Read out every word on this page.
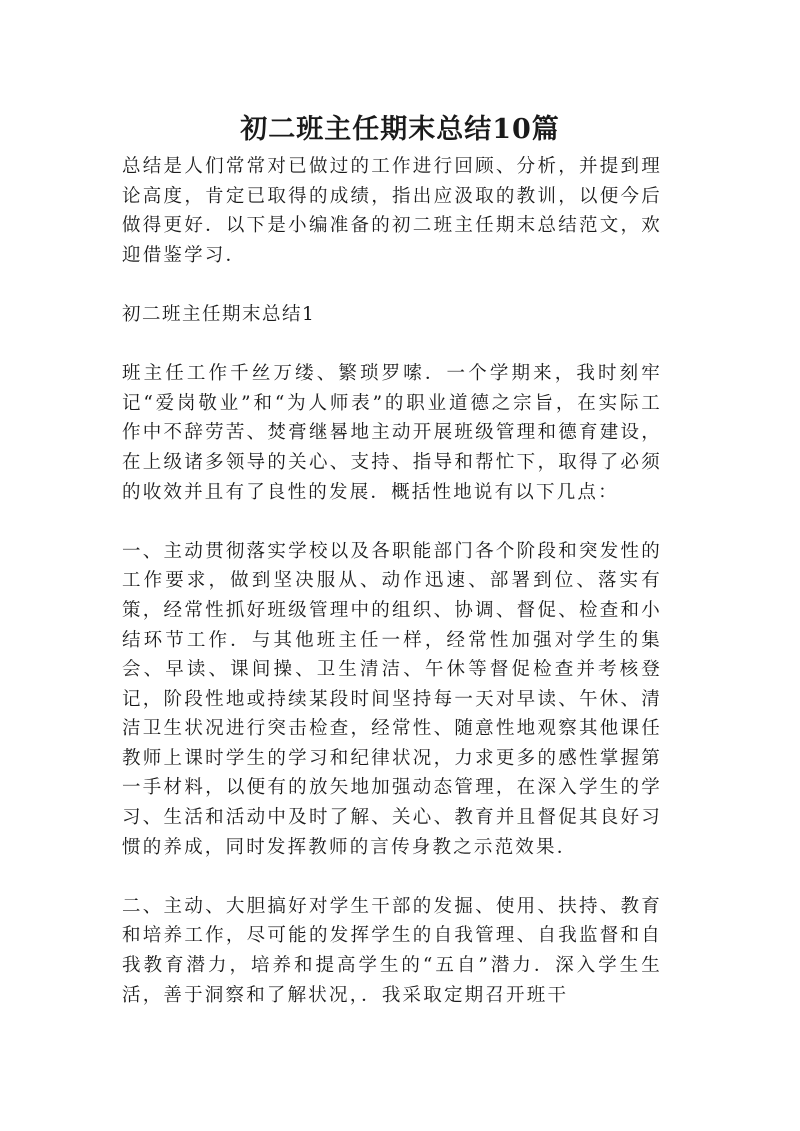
初二班主任期末总结10篇

总结是人们常常对已做过的工作进行回顾、分析，并提到理论高度，肯定已取得的成绩，指出应汲取的教训，以便今后做得更好．以下是小编准备的初二班主任期末总结范文，欢迎借鉴学习．

初二班主任期末总结1

班主任工作千丝万缕、繁琐罗嗦．一个学期来，我时刻牢记“爱岗敬业”和“为人师表”的职业道德之宗旨，在实际工作中不辞劳苦、焚膏继晷地主动开展班级管理和德育建设，在上级诸多领导的关心、支持、指导和帮忙下，取得了必须的收效并且有了良性的发展．概括性地说有以下几点：

一、主动贯彻落实学校以及各职能部门各个阶段和突发性的工作要求，做到坚决服从、动作迅速、部署到位、落实有策，经常性抓好班级管理中的组织、协调、督促、检查和小结环节工作．与其他班主任一样，经常性加强对学生的集会、早读、课间操、卫生清洁、午休等督促检查并考核登记，阶段性地或持续某段时间坚持每一天对早读、午休、清洁卫生状况进行突击检查，经常性、随意性地观察其他课任教师上课时学生的学习和纪律状况，力求更多的感性掌握第一手材料，以便有的放矢地加强动态管理，在深入学生的学习、生活和活动中及时了解、关心、教育并且督促其良好习惯的养成，同时发挥教师的言传身教之示范效果．

二、主动、大胆搞好对学生干部的发掘、使用、扶持、教育和培养工作，尽可能的发挥学生的自我管理、自我监督和自我教育潜力，培养和提高学生的“五自”潜力．深入学生生活，善于洞察和了解状况，．我采取定期召开班干
